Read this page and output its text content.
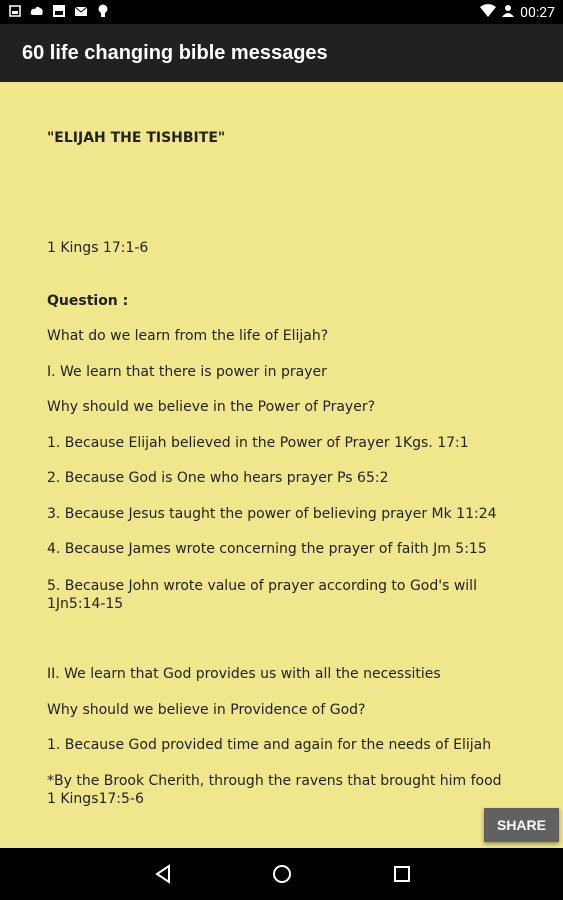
00:27
60 life changing bible messages
"ELIJAH THE TISHBITE"
1 Kings 17:1-6
Question :
What do we learn from the life of Elijah?
I. We learn that there is power in prayer
Why should we believe in the Power of Prayer?
1. Because Elijah believed in the Power of Prayer 1Kgs. 17:1
2. Because God is One who hears prayer Ps 65:2
3. Because Jesus taught the power of believing prayer Mk 11:24
4. Because James wrote concerning the prayer of faith Jm 5:15
5. Because John wrote value of prayer according to God's will 1Jn5:14-15
II. We learn that God provides us with all the necessities
Why should we believe in Providence of God?
1. Because God provided time and again for the needs of Elijah
*By the Brook Cherith, through the ravens that brought him food 1 Kings17:5-6
SHARE
